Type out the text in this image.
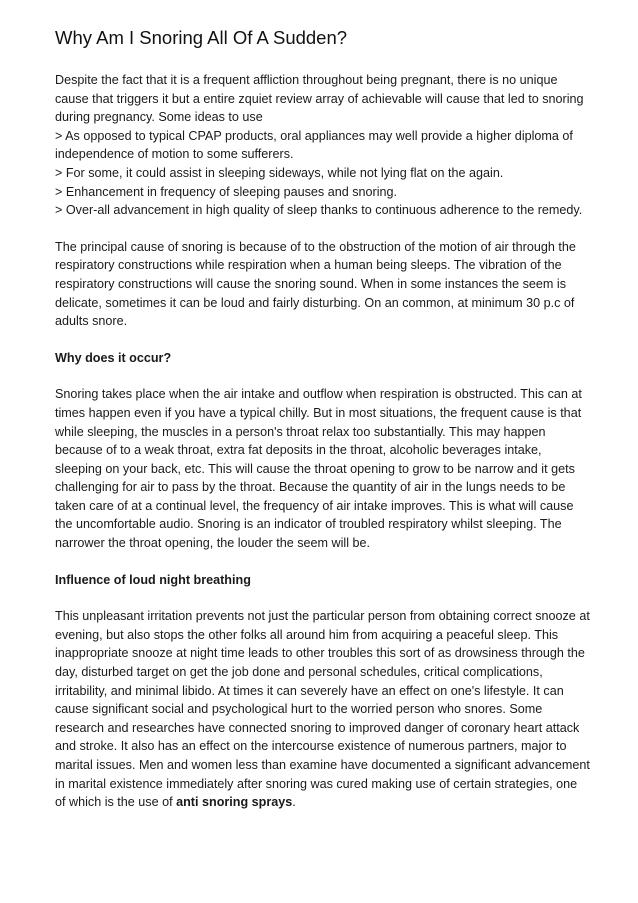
Why Am I Snoring All Of A Sudden?

Despite the fact that it is a frequent affliction throughout being pregnant, there is no unique cause that triggers it but a entire zquiet review array of achievable will cause that led to snoring during pregnancy. Some ideas to use

> As opposed to typical CPAP products, oral appliances may well provide a higher diploma of independence of motion to some sufferers.

> For some, it could assist in sleeping sideways, while not lying flat on the again.

> Enhancement in frequency of sleeping pauses and snoring.

> Over-all advancement in high quality of sleep thanks to continuous adherence to the remedy.

The principal cause of snoring is because of to the obstruction of the motion of air through the respiratory constructions while respiration when a human being sleeps. The vibration of the respiratory constructions will cause the snoring sound. When in some instances the seem is delicate, sometimes it can be loud and fairly disturbing. On an common, at minimum 30 p.c of adults snore.

Why does it occur?

Snoring takes place when the air intake and outflow when respiration is obstructed. This can at times happen even if you have a typical chilly. But in most situations, the frequent cause is that while sleeping, the muscles in a person's throat relax too substantially. This may happen because of to a weak throat, extra fat deposits in the throat, alcoholic beverages intake, sleeping on your back, etc. This will cause the throat opening to grow to be narrow and it gets challenging for air to pass by the throat. Because the quantity of air in the lungs needs to be taken care of at a continual level, the frequency of air intake improves. This is what will cause the uncomfortable audio. Snoring is an indicator of troubled respiratory whilst sleeping. The narrower the throat opening, the louder the seem will be.

Influence of loud night breathing

This unpleasant irritation prevents not just the particular person from obtaining correct snooze at evening, but also stops the other folks all around him from acquiring a peaceful sleep. This inappropriate snooze at night time leads to other troubles this sort of as drowsiness through the day, disturbed target on get the job done and personal schedules, critical complications, irritability, and minimal libido. At times it can severely have an effect on one's lifestyle. It can cause significant social and psychological hurt to the worried person who snores. Some research and researches have connected snoring to improved danger of coronary heart attack and stroke. It also has an effect on the intercourse existence of numerous partners, major to marital issues. Men and women less than examine have documented a significant advancement in marital existence immediately after snoring was cured making use of certain strategies, one of which is the use of anti snoring sprays.
